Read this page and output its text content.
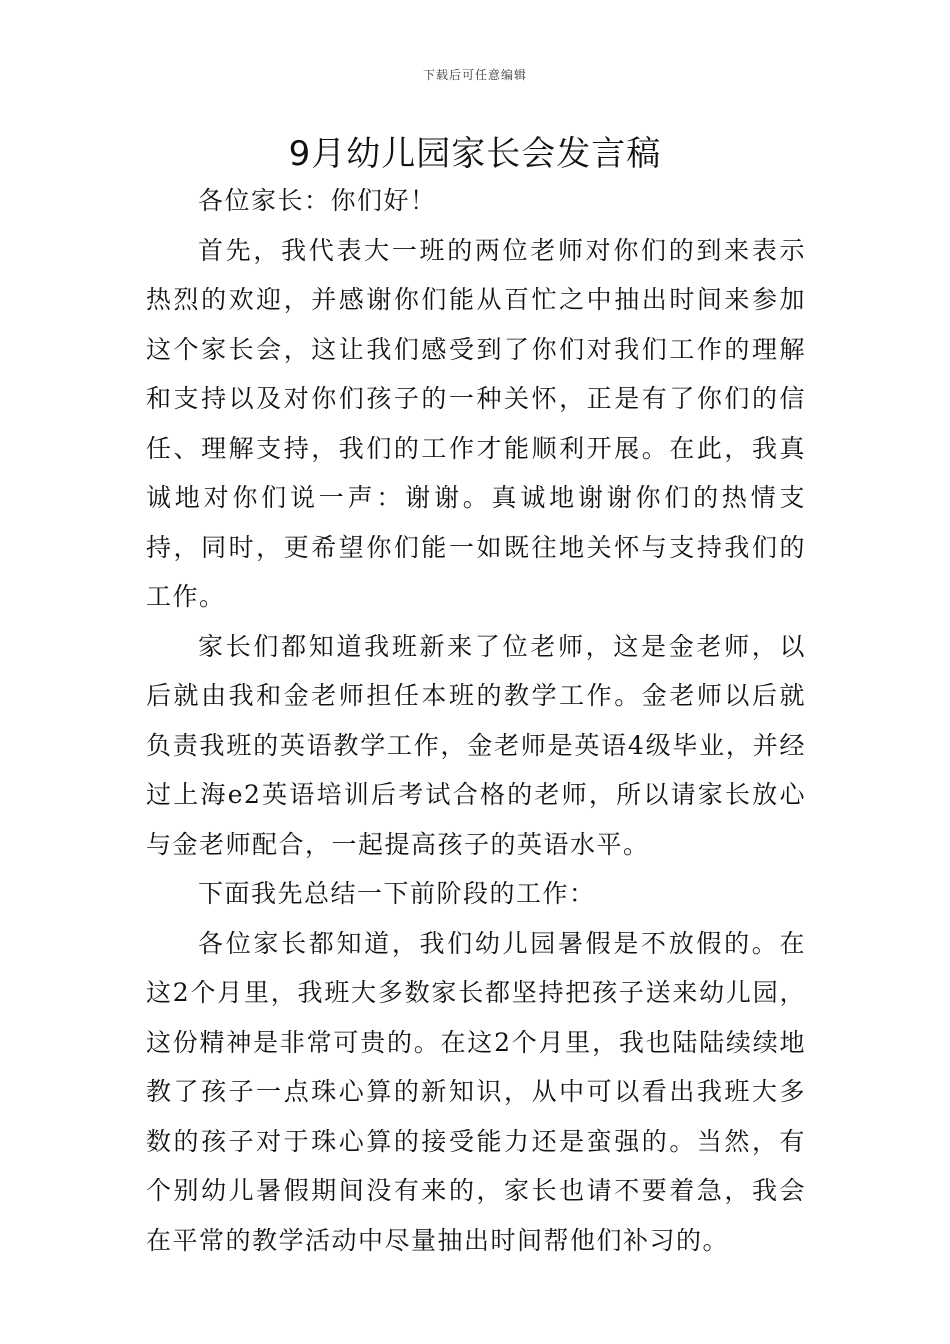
下载后可任意编辑
9月幼儿园家长会发言稿

各位家长：你们好！

首先，我代表大一班的两位老师对你们的到来表示热烈的欢迎，并感谢你们能从百忙之中抽出时间来参加这个家长会，这让我们感受到了你们对我们工作的理解和支持以及对你们孩子的一种关怀，正是有了你们的信任、理解支持，我们的工作才能顺利开展。在此，我真诚地对你们说一声：谢谢。真诚地谢谢你们的热情支持，同时，更希望你们能一如既往地关怀与支持我们的工作。

家长们都知道我班新来了位老师，这是金老师，以后就由我和金老师担任本班的教学工作。金老师以后就负责我班的英语教学工作，金老师是英语4级毕业，并经过上海e2英语培训后考试合格的老师，所以请家长放心与金老师配合，一起提高孩子的英语水平。

下面我先总结一下前阶段的工作：

各位家长都知道，我们幼儿园暑假是不放假的。在这2个月里，我班大多数家长都坚持把孩子送来幼儿园，这份精神是非常可贵的。在这2个月里，我也陆陆续续地教了孩子一点珠心算的新知识，从中可以看出我班大多数的孩子对于珠心算的接受能力还是蛮强的。当然，有个别幼儿暑假期间没有来的，家长也请不要着急，我会在平常的教学活动中尽量抽出时间帮他们补习的。
